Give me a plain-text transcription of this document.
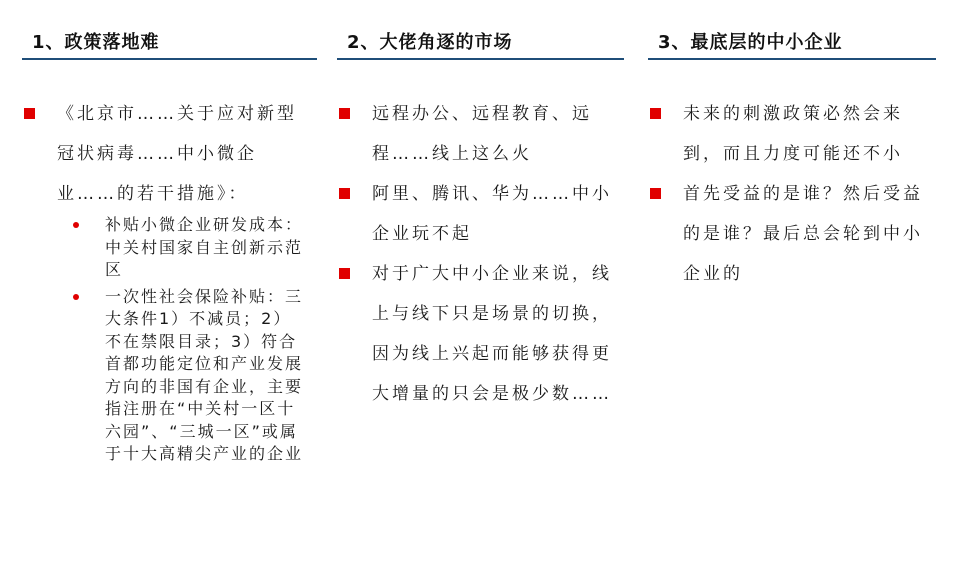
1、政策落地难
《北京市……关于应对新型冠状病毒……中小微企业……的若干措施》：
补贴小微企业研发成本：中关村国家自主创新示范区
一次性社会保险补贴：三大条件1）不减员；2）不在禁限目录；3）符合首都功能定位和产业发展方向的非国有企业，主要指注册在“中关村一区十六园”、“三城一区”或属于十大高精尖产业的企业
2、大佬角逐的市场
远程办公、远程教育、远程……线上这么火
阿里、腾讯、华为……中小企业玩不起
对于广大中小企业来说，线上与线下只是场景的切换，因为线上兴起而能够获得更大增量的只会是极少数……
3、最底层的中小企业
未来的刺激政策必然会来到，而且力度可能还不小
首先受益的是谁？然后受益的是谁？最后总会轮到中小企业的
